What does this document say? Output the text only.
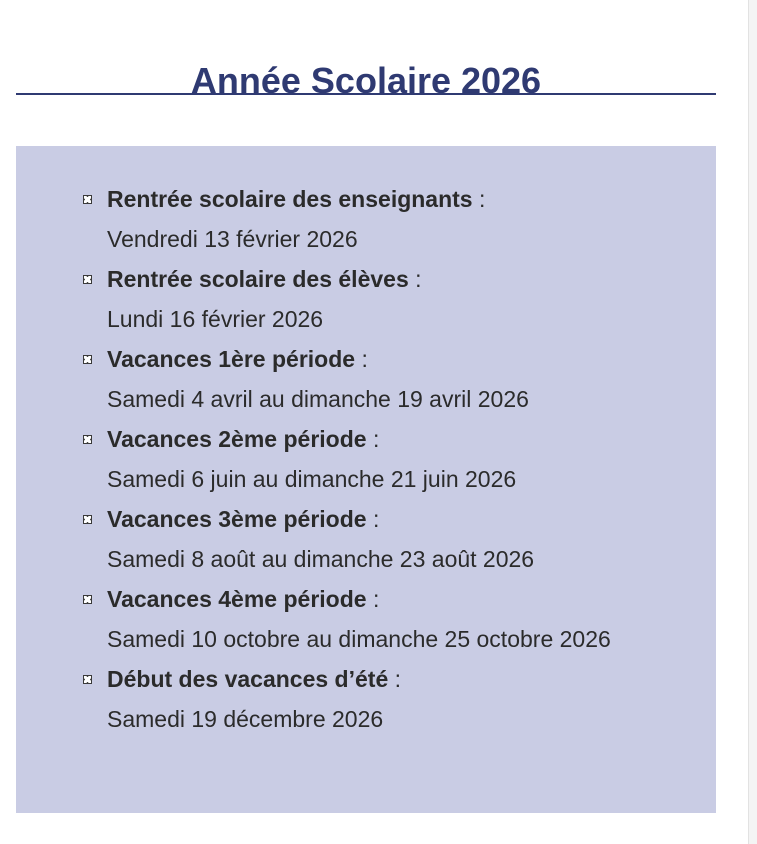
Année Scolaire 2026
Rentrée scolaire des enseignants :
Vendredi 13 février 2026
Rentrée scolaire des élèves :
Lundi 16 février 2026
Vacances 1ère période :
Samedi 4 avril au dimanche 19 avril 2026
Vacances 2ème période :
Samedi 6 juin au dimanche 21 juin 2026
Vacances 3ème période :
Samedi 8 août au dimanche 23 août 2026
Vacances 4ème période :
Samedi 10 octobre au dimanche 25 octobre 2026
Début des vacances d’été :
Samedi 19 décembre 2026
